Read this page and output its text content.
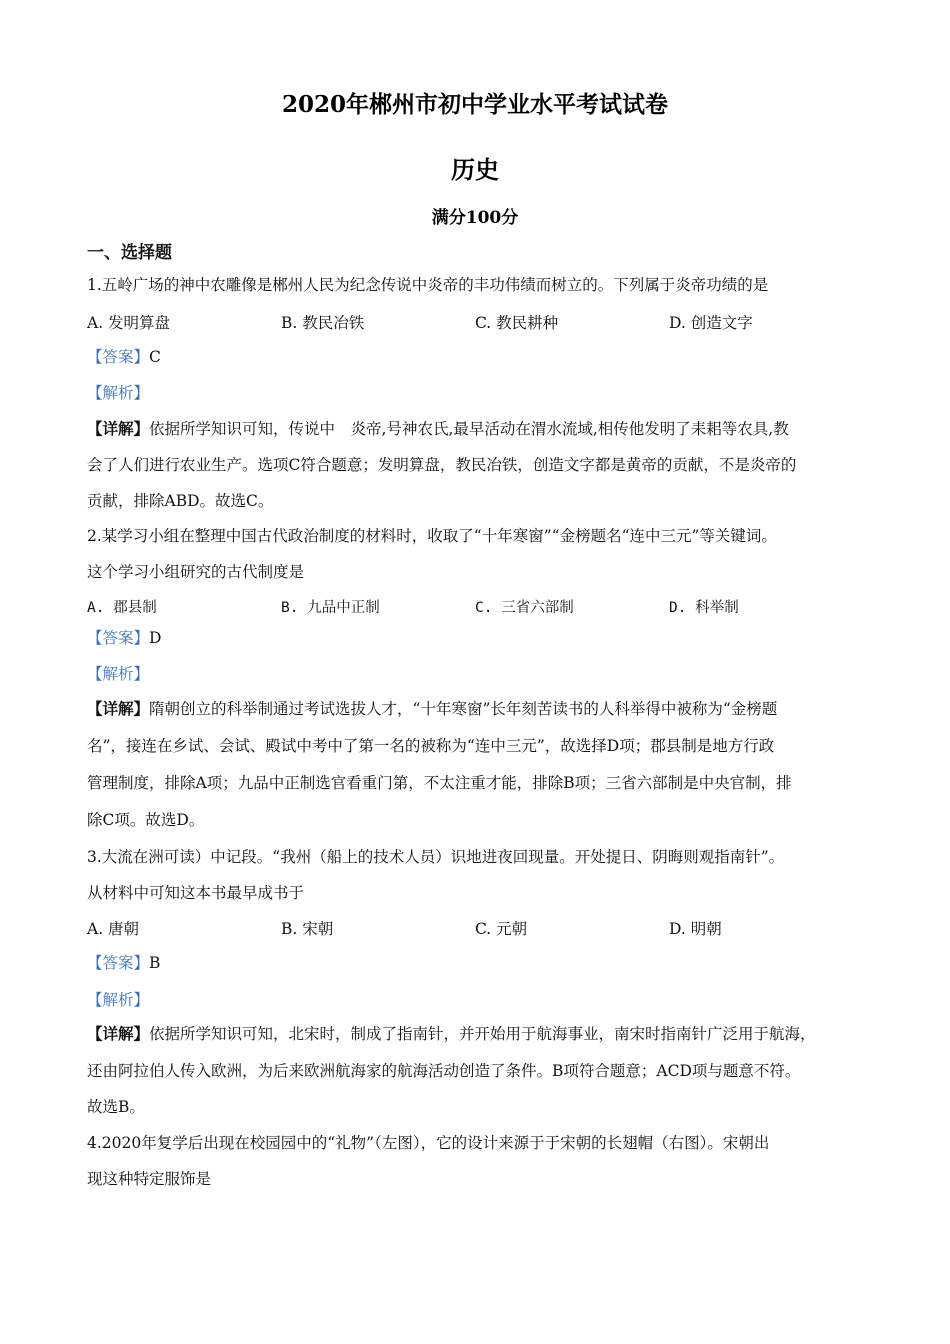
2020年郴州市初中学业水平考试试卷
历史
满分100分
一、选择题
1.五岭广场的神中农雕像是郴州人民为纪念传说中炎帝的丰功伟绩而树立的。下列属于炎帝功绩的是
A. 发明算盘	B. 教民冶铁	C. 教民耕种	D. 创造文字
【答案】C
【解析】
【详解】依据所学知识可知，传说中　炎帝,号神农氏,最早活动在渭水流域,相传他发明了耒耜等农具,教
会了人们进行农业生产。选项C符合题意；发明算盘，教民冶铁，创造文字都是黄帝的贡献，不是炎帝的
贡献，排除ABD。故选C。
2.某学习小组在整理中国古代政治制度的材料时，收取了“十年寒窗”“金榜题名“连中三元”等关键词。
这个学习小组研究的古代制度是
A. 郡县制	B. 九品中正制	C. 三省六部制	D. 科举制
【答案】D
【解析】
【详解】隋朝创立的科举制通过考试选拔人才，“十年寒窗”长年刻苦读书的人科举得中被称为“金榜题
名”，接连在乡试、会试、殿试中考中了第一名的被称为“连中三元”，故选择D项；郡县制是地方行政
管理制度，排除A项；九品中正制选官看重门第，不太注重才能，排除B项；三省六部制是中央官制，排
除C项。故选D。
3.大流在洲可读）中记段。“我州（船上的技术人员）识地进夜回现量。开处提日、阴晦则观指南针”。
从材料中可知这本书最早成书于
A. 唐朝	B. 宋朝	C. 元朝	D. 明朝
【答案】B
【解析】
【详解】依据所学知识可知，北宋时，制成了指南针，并开始用于航海事业，南宋时指南针广泛用于航海，
还由阿拉伯人传入欧洲，为后来欧洲航海家的航海活动创造了条件。B项符合题意；ACD项与题意不符。
故选B。
4.2020年复学后出现在校园园中的“礼物”（左图），它的设计来源于于宋朝的长翅帽（右图）。宋朝出
现这种特定服饰是
